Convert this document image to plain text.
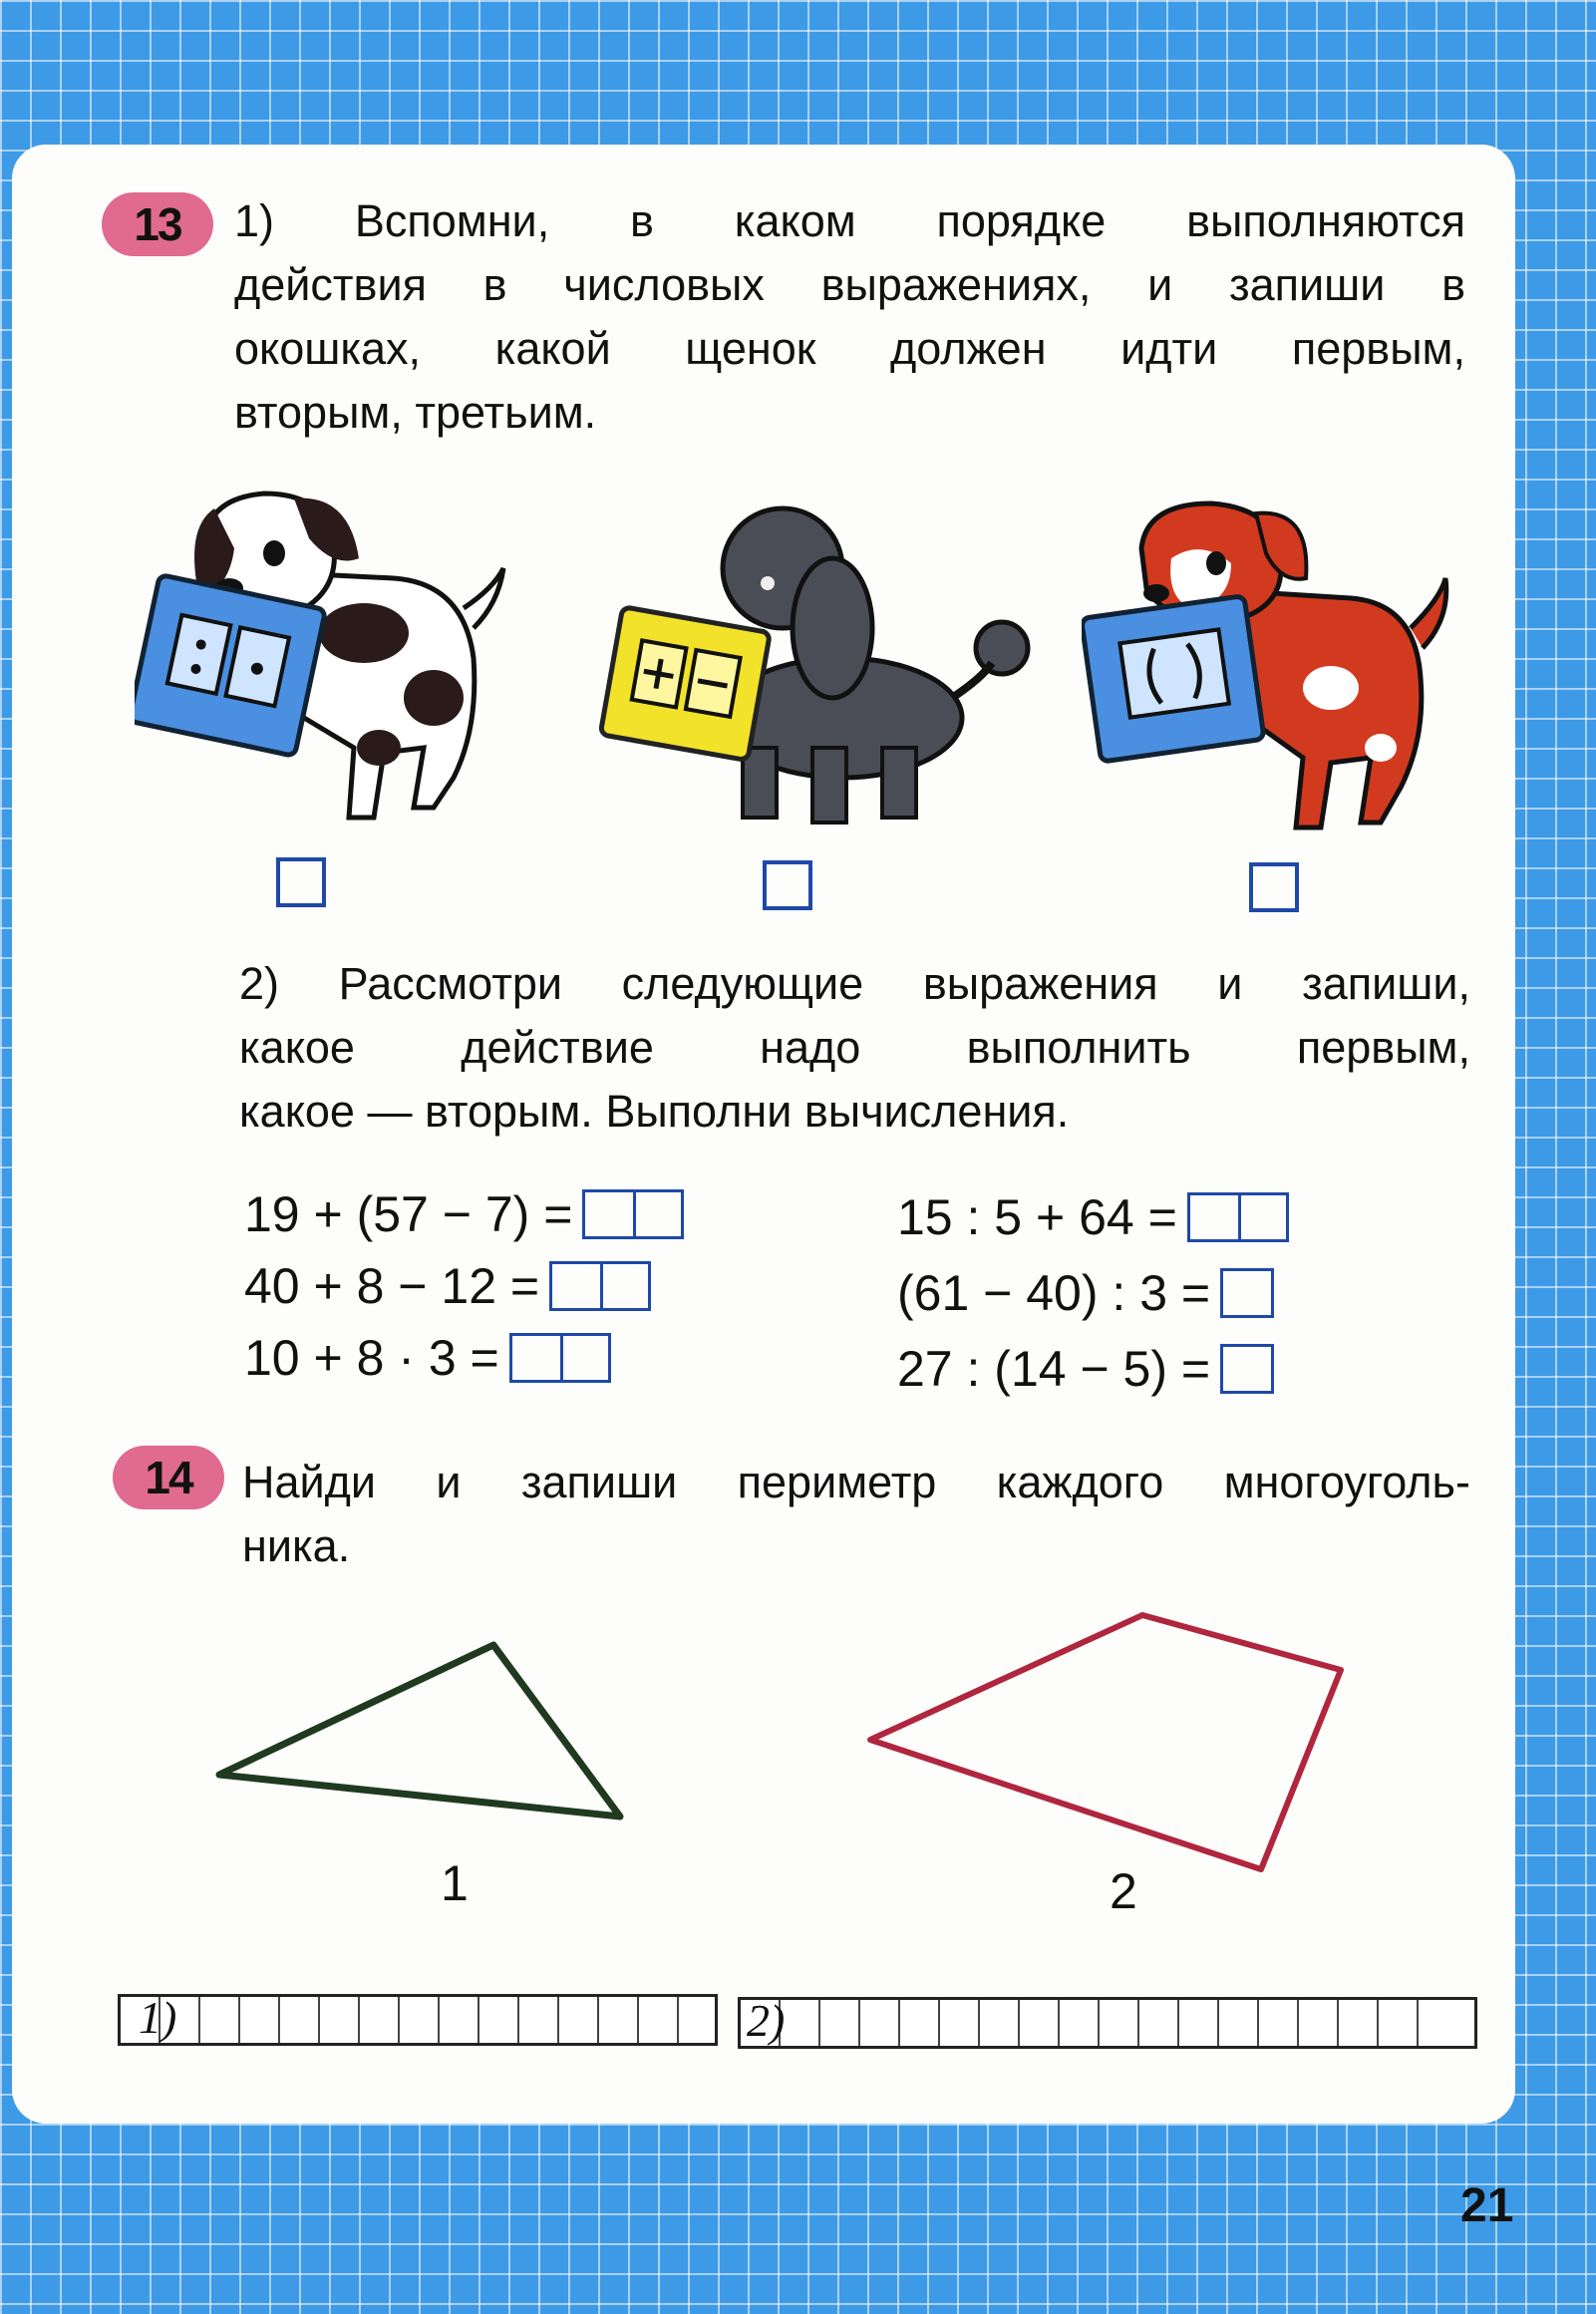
13	1) Вспомни, в каком порядке выполняются
действия в числовых выражениях, и запиши в
окошках, какой щенок должен идти первым,
вторым, третьим.
2) Рассмотри следующие выражения и запиши,
какое действие надо выполнить первым,
какое — вторым. Выполни вычисления.
19 + (57 − 7) =
40 + 8 − 12 =
10 + 8 · 3 =
15 : 5 + 64 =
(61 − 40) : 3 =
27 : (14 − 5) =
14	Найди и запиши периметр каждого многоуголь-
ника.
1	2
1)	2)
21
